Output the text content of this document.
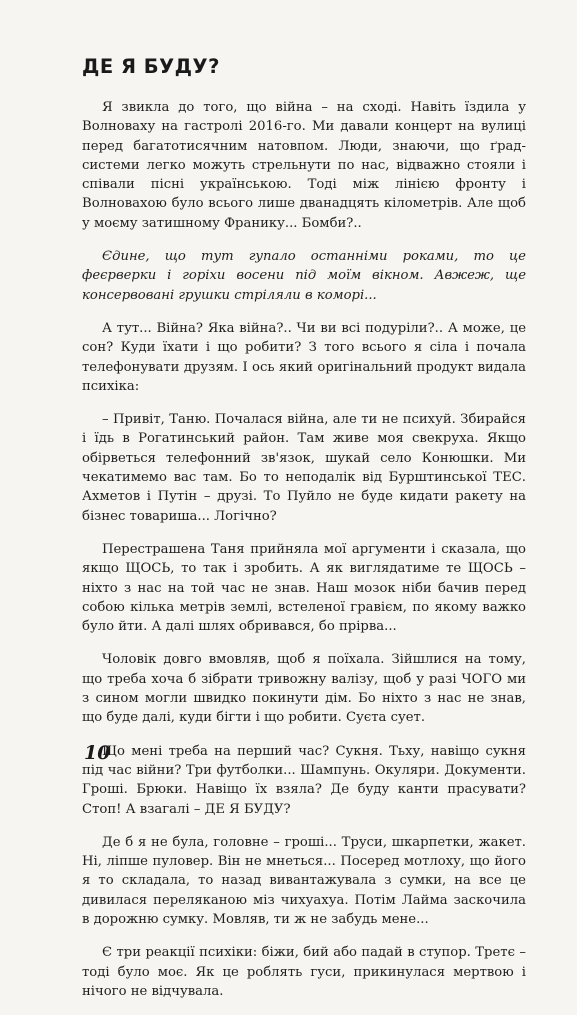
ДЕ Я БУДУ?

Я звикла до того, що війна – на сході. Навіть їздила у Волноваху на гастролі 2016-го. Ми давали концерт на вулиці перед багатотисячним натовпом. Люди, знаючи, що ґрад-системи легко можуть стрельнути по нас, відважно стояли і співали пісні українською. Тоді між лінією фронту і Волновахою було всього лише дванадцять кілометрів. Але щоб у моєму затишному Франику... Бомби?..

Єдине, що тут гупало останніми роками, то це феєрверки і горіхи восени під моїм вікном. Авжеж, ще консервовані грушки стріляли в коморі...

А тут... Війна? Яка війна?.. Чи ви всі подуріли?.. А може, це сон? Куди їхати і що робити? З того всього я сіла і почала телефонувати друзям. І ось який оригінальний продукт видала психіка:

– Привіт, Таню. Почалася війна, але ти не психуй. Збирайся і їдь в Рогатинський район. Там живе моя свекруха. Якщо обірветься телефонний зв'язок, шукай село Конюшки. Ми чекатимемо вас там. Бо то неподалік від Бурштинської ТЕС. Ахметов і Путін – друзі. То Пуйло не буде кидати ракету на бізнес товариша... Логічно?

Перестрашена Таня прийняла мої аргументи і сказала, що якщо ЩОСЬ, то так і зробить. А як виглядатиме те ЩОСЬ – ніхто з нас на той час не знав. Наш мозок ніби бачив перед собою кілька метрів землі, встеленої гравієм, по якому важко було йти. А далі шлях обривався, бо прірва...

Чоловік довго вмовляв, щоб я поїхала. Зійшлися на тому, що треба хоча б зібрати тривожну валізу, щоб у разі ЧОГО ми з сином могли швидко покинути дім. Бо ніхто з нас не знав, що буде далі, куди бігти і що робити. Суєта сует.

Що мені треба на перший час? Сукня. Тьху, навіщо сукня під час війни? Три футболки... Шампунь. Окуляри. Документи. Гроші. Брюки. Навіщо їх взяла? Де буду канти прасувати? Стоп! А взагалі – ДЕ Я БУДУ?

Де б я не була, головне – гроші... Труси, шкарпетки, жакет. Ні, ліпше пуловер. Він не мнеться... Посеред мотлоху, що його я то складала, то назад вивантажувала з сумки, на все це дивилася переляканою міз чихуахуа. Потім Лайма заскочила в дорожню сумку. Мовляв, ти ж не забудь мене...

Є три реакції психіки: біжи, бий або падай в ступор. Третє – тоді було моє. Як це роблять гуси, прикинулася мертвою і нічого не відчувала.

10
